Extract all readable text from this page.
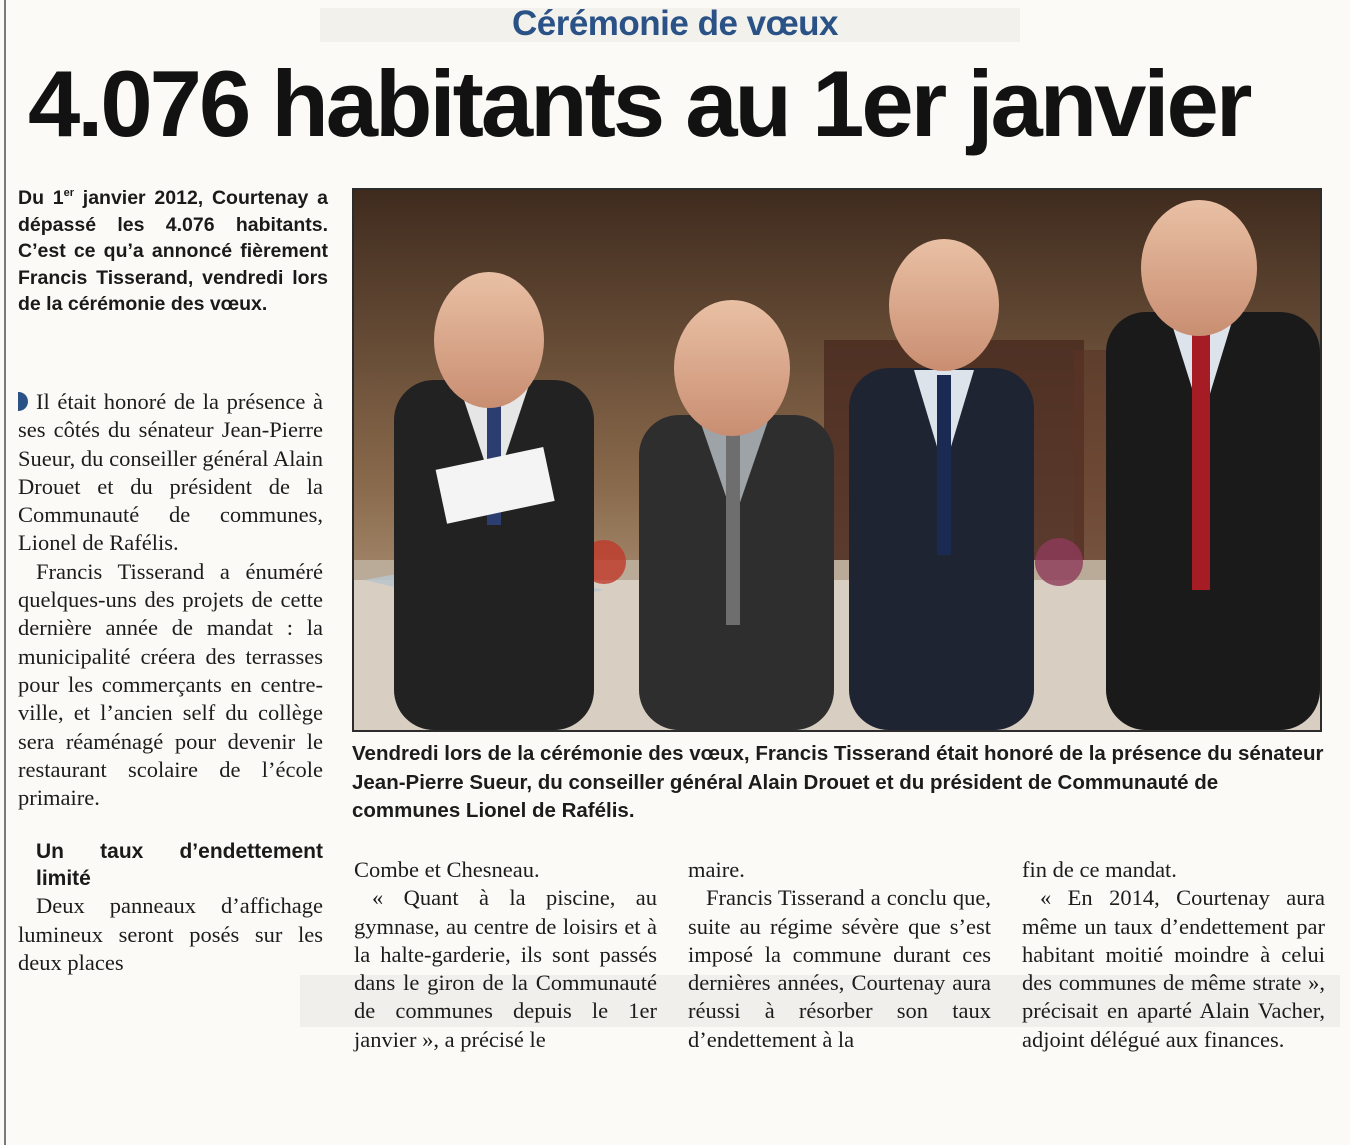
Cérémonie de vœux
4.076 habitants au 1er janvier
Du 1er janvier 2012, Courtenay a dépassé les 4.076 habitants. C’est ce qu’a annoncé fièrement Francis Tisserand, vendredi lors de la cérémonie des vœux.

Il était honoré de la présence à ses côtés du sénateur Jean-Pierre Sueur, du conseiller général Alain Drouet et du président de la Communauté de communes, Lionel de Rafélis.

Francis Tisserand a énuméré quelques-uns des projets de cette dernière année de mandat : la municipalité créera des terrasses pour les commerçants en centre-ville, et l’ancien self du collège sera réaménagé pour devenir le restaurant scolaire de l’école primaire.

Un taux d’endettement limité

Deux panneaux d’affichage lumineux seront posés sur les deux places

Vendredi lors de la cérémonie des vœux, Francis Tisserand était honoré de la présence du sénateur Jean-Pierre Sueur, du conseiller général Alain Drouet et du président de Communauté de communes Lionel de Rafélis.

Combe et Chesneau.

« Quant à la piscine, au gymnase, au centre de loisirs et à la halte-garderie, ils sont passés dans le giron de la Communauté de communes depuis le 1er janvier », a précisé le

maire.

Francis Tisserand a conclu que, suite au régime sévère que s’est imposé la commune durant ces dernières années, Courtenay aura réussi à résorber son taux d’endettement à la

fin de ce mandat.

« En 2014, Courtenay aura même un taux d’endettement par habitant moitié moindre à celui des communes de même strate », précisait en aparté Alain Vacher, adjoint délégué aux finances.
